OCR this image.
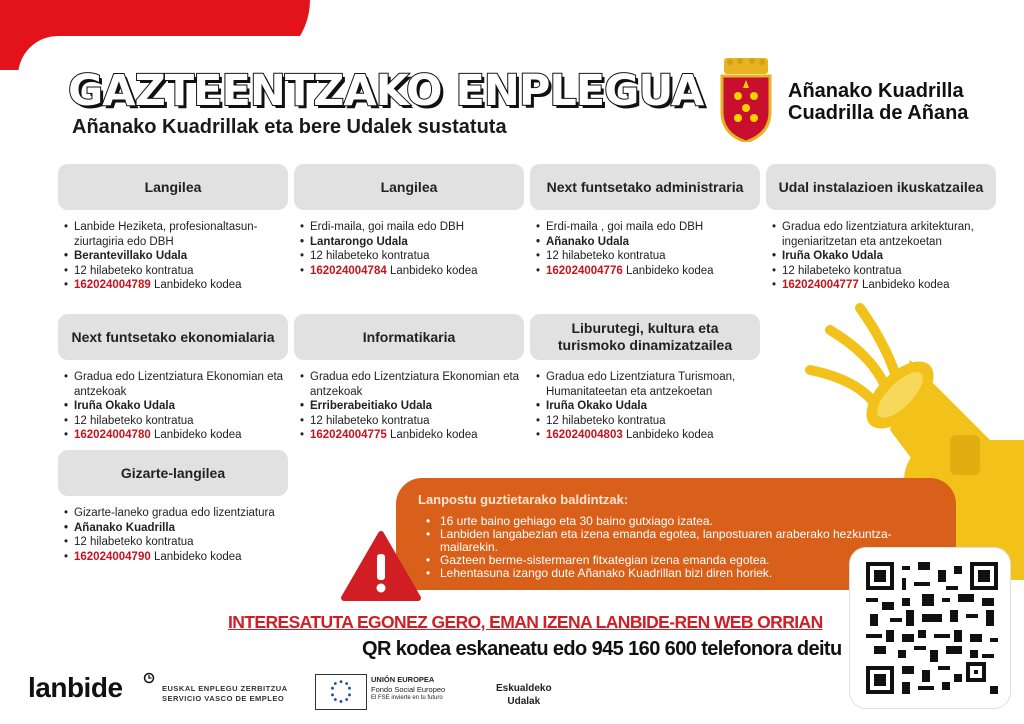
GAZTEENTZAKO ENPLEGUA
Añanako Kuadrillak eta bere Udalek sustatuta
Añanako Kuadrilla
Cuadrilla de Añana
Langilea
• Lanbide Heziketa, profesionaltasun-ziurtagiria edo DBH
• Berantevillako Udala
• 12 hilabeteko kontratua
• 162024004789 Lanbideko kodea
Langilea
• Erdi-maila, goi maila edo DBH
• Lantarongo Udala
• 12 hilabeteko kontratua
• 162024004784 Lanbideko kodea
Next funtsetako administraria
• Erdi-maila , goi maila edo DBH
• Añanako Udala
• 12 hilabeteko kontratua
• 162024004776 Lanbideko kodea
Udal instalazioen ikuskatzailea
• Gradua edo lizentziatura arkitekturan, ingeniaritzetan eta antzekoetan
• Iruña Okako Udala
• 12 hilabeteko kontratua
• 162024004777 Lanbideko kodea
Next funtsetako ekonomialaria
• Gradua edo Lizentziatura Ekonomian eta antzekoak
• Iruña Okako Udala
• 12 hilabeteko kontratua
• 162024004780 Lanbideko kodea
Informatikaria
• Gradua edo Lizentziatura Ekonomian eta antzekoak
• Erriberabeitiako Udala
• 12 hilabeteko kontratua
• 162024004775 Lanbideko kodea
Liburutegi, kultura eta turismoko dinamizatzailea
• Gradua edo Lizentziatura Turismoan, Humanitateetan eta antzekoetan
• Iruña Okako Udala
• 12 hilabeteko kontratua
• 162024004803 Lanbideko kodea
Gizarte-langilea
• Gizarte-laneko gradua edo lizentziatura
• Añanako Kuadrilla
• 12 hilabeteko kontratua
• 162024004790 Lanbideko kodea
Lanpostu guztietarako baldintzak:
• 16 urte baino gehiago eta 30 baino gutxiago izatea.
• Lanbiden langabezian eta izena emanda egotea, lanpostuaren araberako hezkuntza-mailarekin.
• Gazteen berme-sistermaren fitxategian izena emanda egotea.
• Lehentasuna izango dute Añanako Kuadrillan bizi diren horiek.
INTERESATUTA EGONEZ GERO, EMAN IZENA LANBIDE-REN WEB ORRIAN
QR kodea eskaneatu edo 945 160 600 telefonora deitu
lanbide	EUSKAL ENPLEGU ZERBITZUA
SERVICIO VASCO DE EMPLEO
UNIÓN EUROPEA
Fondo Social Europeo
El FSE invierte en tu futuro
Eskualdeko
Udalak
